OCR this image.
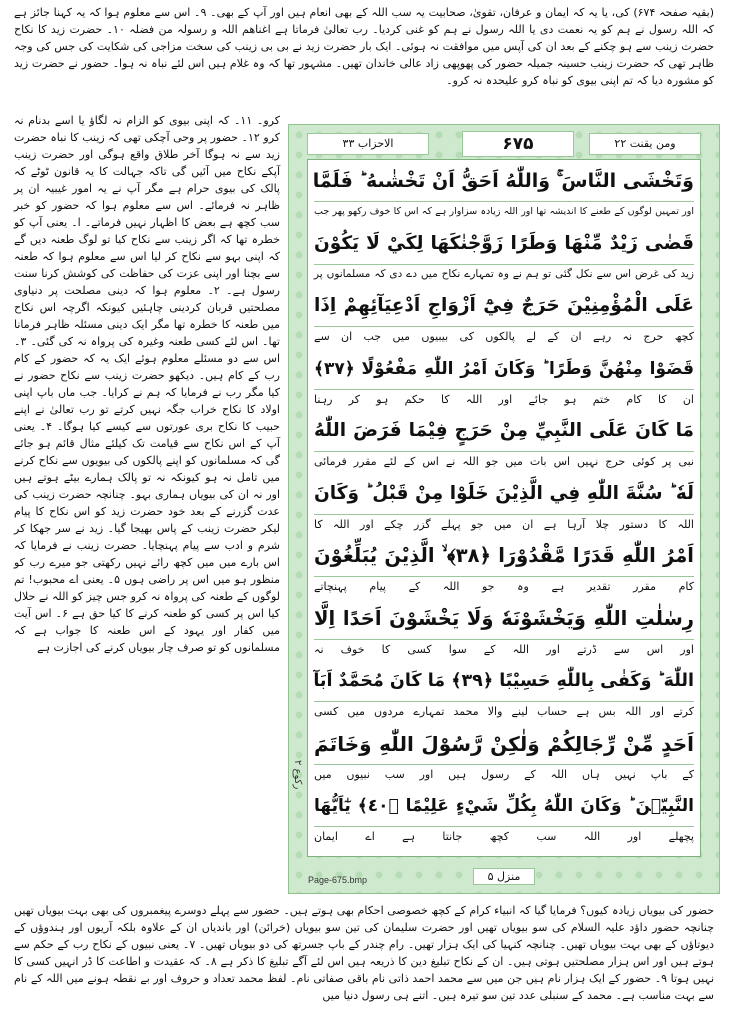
(بقیہ صفحہ ۶۷۴) کی، یا یہ کہ ایمان و عرفان، تقویٰ، صحابیت یہ سب اللہ کے بھی انعام ہیں اور آپ کے بھی۔ ۹۔ اس سے معلوم ہوا کہ یہ کہنا جائز ہے کہ اللہ رسول نے ہم کو یہ نعمت دی یا اللہ رسول نے ہم کو غنی کردیا۔ رب تعالیٰ فرماتا ہے اغناھم اللہ و رسولہ من فضلہ ۱۰۔ حضرت زید کا نکاح حضرت زینب سے ہو چکنے کے بعد ان کی آپس میں موافقت نہ ہوئی۔ ایک بار حضرت زید نے بی بی زینب کی سخت مزاجی کی شکایت کی جس کی وجہ ظاہر تھی کہ حضرت زینب حسینہ جمیلہ حضور کی پھوپھی زاد عالی خاندان تھیں۔ مشہور تھا کہ وہ غلام ہیں اس لئے نباہ نہ ہوا۔ حضور نے حضرت زید کو مشورہ دیا کہ تم اپنی بیوی کو نباہ کرو علیحدہ نہ کرو۔
کرو۔ ۱۱۔ کہ اپنی بیوی کو الزام نہ لگاؤ یا اسے بدنام نہ کرو ۱۲۔ حضور پر وحی آچکی تھی کہ زینب کا نباہ حضرت زید سے نہ ہوگا آخر طلاق واقع ہوگی اور حضرت زینب آپکے نکاح میں آئیں گی تاکہ جہالت کا یہ قانون ٹوٹے کہ پالک کی بیوی حرام ہے مگر آپ نے یہ امور غیبیہ ان پر ظاہر نہ فرمائے۔ اس سے معلوم ہوا کہ حضور کو خبر سب کچھ ہے بعض کا اظہار نہیں فرماتے۔ ا۔ یعنی آپ کو خطرہ تھا کہ اگر زینب سے نکاح کیا تو لوگ طعنہ دیں گے کہ اپنی بہو سے نکاح کر لیا اس سے معلوم ہوا کہ طعنہ سے بچنا اور اپنی عزت کی حفاظت کی کوشش کرنا سنت رسول ہے۔ ۲۔ معلوم ہوا کہ دینی مصلحت پر دنیاوی مصلحتیں قربان کردینی چاہئیں کیونکہ اگرچہ اس نکاح میں طعنہ کا خطرہ تھا مگر ایک دینی مسئلہ ظاہر فرمانا تھا۔ اس لئے کسی طعنہ وغیرہ کی پرواہ نہ کی گئی۔ ۳۔ اس سے دو مسئلے معلوم ہوئے ایک یہ کہ حضور کے کام رب کے کام ہیں۔ دیکھو حضرت زینب سے نکاح حضور نے کیا مگر رب نے فرمایا کہ ہم نے کرایا۔ جب ماں باپ اپنی اولاد کا نکاح خراب جگہ نہیں کرتے تو رب تعالیٰ نے اپنے حبیب کا نکاح بری عورتوں سے کیسے کیا ہوگا۔ ۴۔ یعنی آپ کے اس نکاح سے قیامت تک کیلئے مثال قائم ہو جائے گی کہ مسلمانوں کو اپنے پالکوں کی بیویوں سے نکاح کرنے میں تامل نہ ہو کیونکہ نہ تو پالک ہمارے بیٹے ہوتے ہیں اور نہ ان کی بیویاں ہماری بہو۔ چنانچہ حضرت زینب کی عدت گزرنے کے بعد خود حضرت زید کو اس نکاح کا پیام لیکر حضرت زینب کے پاس بھیجا گیا۔ زید نے سر جھکا کر شرم و ادب سے پیام پہنچایا۔ حضرت زینب نے فرمایا کہ اس بارے میں میں کچھ رائے نہیں رکھتی جو میرے رب کو منظور ہو میں اس پر راضی ہوں ۵۔ یعنی اے محبوب! تم لوگوں کے طعنہ کی پرواہ نہ کرو جس چیز کو اللہ نے حلال کیا اس پر کسی کو طعنہ کرنے کا کیا حق ہے ۶۔ اس آیت میں کفار اور یہود کے اس طعنہ کا جواب ہے کہ مسلمانوں کو تو صرف چار بیویاں کرنے کی اجازت ہے
ومن یقنت ۲۲
۶۷۵
الاحزاب ۳۳
وَتَخْشَى النَّاسَ ۚ وَاللّٰهُ اَحَقُّ اَنْ تَخْشٰىهُ ؕ فَلَمَّا
اور تمہیں لوگوں کے طعنے کا اندیشہ تھا اور اللہ زیادہ سزاوار ہے کہ اس کا خوف رکھو پھر جب
قَضٰى زَيْدٌ مِّنْهَا وَطَرًا زَوَّجْنٰكَهَا لِكَيْ لَا يَكُوْنَ
زید کی غرض اس سے نکل گئی تو ہم نے وہ تمہارے نکاح میں دے دی کہ مسلمانوں پر
عَلَى الْمُؤْمِنِيْنَ حَرَجٌ فِيْٓ اَزْوَاجِ اَدْعِيَآئِهِمْ اِذَا
کچھ حرج نہ رہے ان کے لے پالکوں کی بیبیوں میں جب ان سے
قَضَوْا مِنْهُنَّ وَطَرًا ؕ وَكَانَ اَمْرُ اللّٰهِ مَفْعُوْلًا ﴿٣٧﴾
ان کا کام ختم ہو جائے اور اللہ کا حکم ہو کر رہنا
مَا كَانَ عَلَى النَّبِيِّ مِنْ حَرَجٍ فِيْمَا فَرَضَ اللّٰهُ
نبی پر کوئی حرج نہیں اس بات میں جو اللہ نے اس کے لئے مقرر فرمائی
لَهٗ ؕ سُنَّةَ اللّٰهِ فِي الَّذِيْنَ خَلَوْا مِنْ قَبْلُ ؕ وَكَانَ
اللہ کا دستور چلا آرہا ہے ان میں جو پہلے گزر چکے اور اللہ کا
اَمْرُ اللّٰهِ قَدَرًا مَّقْدُوْرَا ﴿٣٨﴾ ۙ الَّذِيْنَ يُبَلِّغُوْنَ
کام مقرر تقدیر ہے وہ جو اللہ کے پیام پہنچاتے
رِسٰلٰتِ اللّٰهِ وَيَخْشَوْنَهٗ وَلَا يَخْشَوْنَ اَحَدًا اِلَّا
اور اس سے ڈرتے اور اللہ کے سوا کسی کا خوف نہ
اللّٰهَ ؕ وَكَفٰى بِاللّٰهِ حَسِيْبًا ﴿٣٩﴾ مَا كَانَ مُحَمَّدٌ اَبَآ
کرتے اور اللہ بس ہے حساب لینے والا محمد تمہارے مردوں میں کسی
اَحَدٍ مِّنْ رِّجَالِكُمْ وَلٰكِنْ رَّسُوْلَ اللّٰهِ وَخَاتَمَ
کے باپ نہیں ہاں اللہ کے رسول ہیں اور سب نبیوں میں
النَّبِيّٖنَ ؕ وَكَانَ اللّٰهُ بِكُلِّ شَيْءٍ عَلِيْمًا ﴿٤٠﴾ يٰٓاَيُّهَا
پچھلے اور اللہ سب کچھ جانتا ہے اے ایمان
منزل ۵
Page-675.bmp
رکوع ۲
حضور کی بیویاں زیادہ کیوں؟ فرمایا گیا کہ انبیاء کرام کے کچھ خصوصی احکام بھی ہوتے ہیں۔ حضور سے پہلے دوسرے پیغمبروں کی بھی بہت بیویاں تھیں چنانچہ حضور داؤد علیہ السلام کی سو بیویاں تھیں اور حضرت سلیمان کی تین سو بیویاں (خرائن) اور باندیاں ان کے علاوہ بلکہ آریوں اور ہندوؤں کے دیوتاؤں کے بھی بہت بیویاں تھیں۔ چنانچہ کنہیا کی ایک ہزار تھیں۔ رام چندر کے باپ جسرتھ کی دو بیویاں تھیں۔ ۷۔ یعنی نبیوں کے نکاح رب کے حکم سے ہوتے ہیں اور اس ہزار مصلحتیں ہوتی ہیں۔ ان کے نکاح تبلیغ دین کا ذریعہ ہیں اس لئے آگے تبلیغ کا ذکر ہے ۸۔ کہ عقیدت و اطاعت کا ڈر انہیں کسی کا نہیں ہوتا ۹۔ حضور کے ایک ہزار نام ہیں جن میں سے محمد احمد ذاتی نام باقی صفاتی نام۔ لفظ محمد تعداد و حروف اور بے نقطہ ہونے میں اللہ کے نام سے بہت مناسب ہے۔ محمد کے سنبلی عدد تین سو تیرہ ہیں۔ اتنے ہی رسول دنیا میں
